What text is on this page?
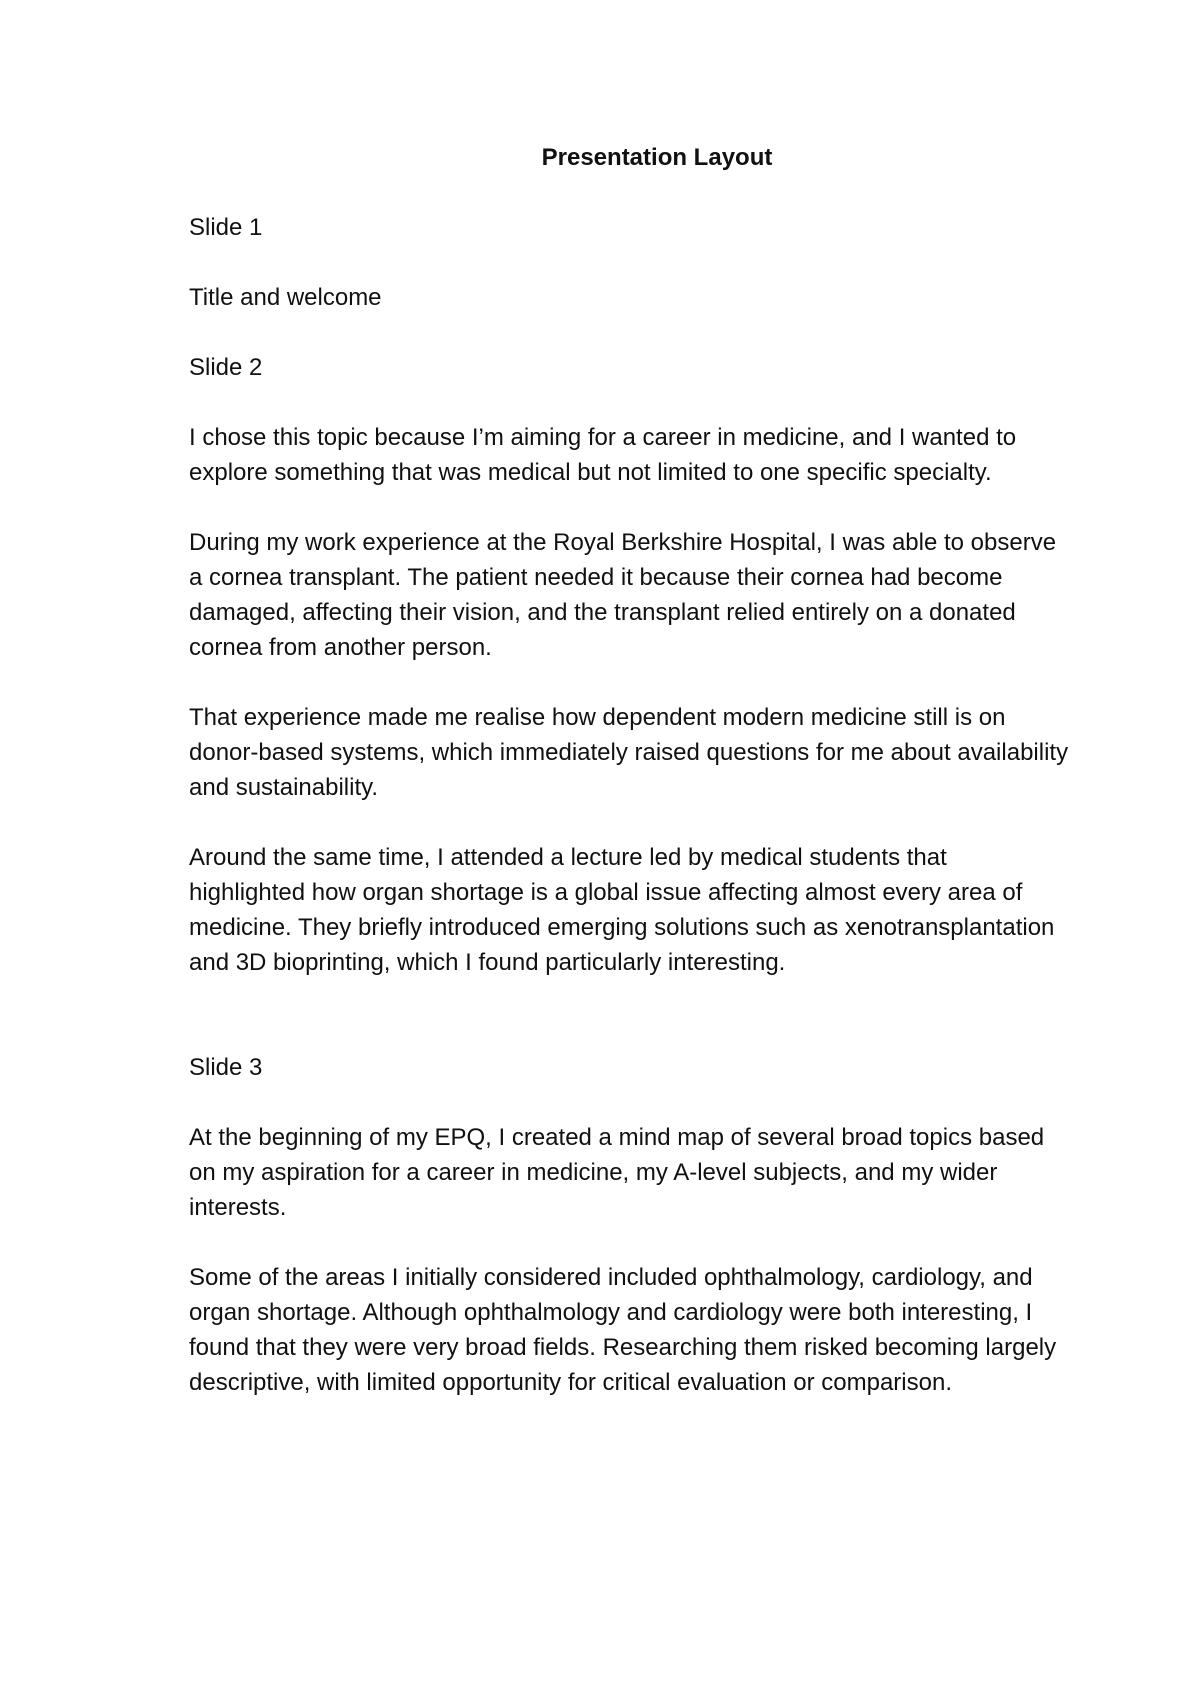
Presentation Layout

Slide 1

Title and welcome

Slide 2

I chose this topic because I’m aiming for a career in medicine, and I wanted to explore something that was medical but not limited to one specific specialty.

During my work experience at the Royal Berkshire Hospital, I was able to observe a cornea transplant. The patient needed it because their cornea had become damaged, affecting their vision, and the transplant relied entirely on a donated cornea from another person.

That experience made me realise how dependent modern medicine still is on donor-based systems, which immediately raised questions for me about availability and sustainability.

Around the same time, I attended a lecture led by medical students that highlighted how organ shortage is a global issue affecting almost every area of medicine. They briefly introduced emerging solutions such as xenotransplantation and 3D bioprinting, which I found particularly interesting.

Slide 3

At the beginning of my EPQ, I created a mind map of several broad topics based on my aspiration for a career in medicine, my A-level subjects, and my wider interests.

Some of the areas I initially considered included ophthalmology, cardiology, and organ shortage. Although ophthalmology and cardiology were both interesting, I found that they were very broad fields. Researching them risked becoming largely descriptive, with limited opportunity for critical evaluation or comparison.
